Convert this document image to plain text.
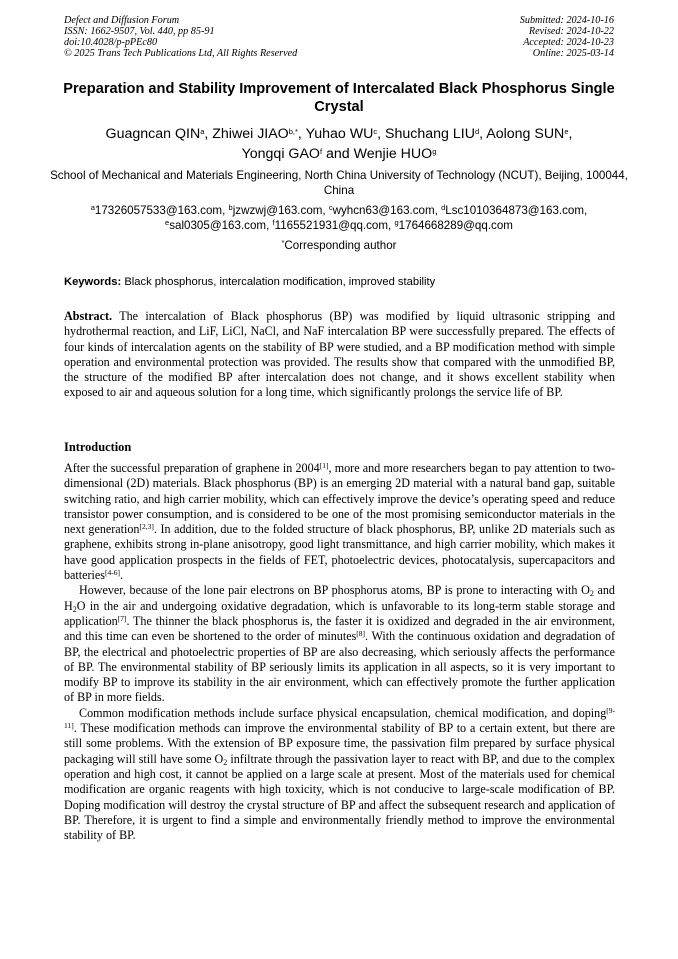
Defect and Diffusion Forum
ISSN: 1662-9507, Vol. 440, pp 85-91
doi:10.4028/p-pPEc80
© 2025 Trans Tech Publications Ltd, All Rights Reserved
Submitted: 2024-10-16
Revised: 2024-10-22
Accepted: 2024-10-23
Online: 2025-03-14
Preparation and Stability Improvement of Intercalated Black Phosphorus Single Crystal
Guagncan QIN$^a$, Zhiwei $JIAO^{b,*}$, Yuhao $WU^c$, Shuchang LIU$^d$, Aolong SUN$^e$,
Yongqi GAO$^f$ and Wenjie HUO$^g$
School of Mechanical and Materials Engineering, North China University of Technology (NCUT), Beijing, 100044, China
$^a$17326057533@163.com, $^b$jzwzwj@163.com, $^c$wyhcn63@163.com, $^d$Lsc1010364873@163.com,
$^e$sal0305@163.com, $^f$1165521931@qq.com, $^g$1764668289@qq.com
*Corresponding author
Keywords: Black phosphorus, intercalation modification, improved stability
Abstract. The intercalation of Black phosphorus (BP) was modified by liquid ultrasonic stripping and hydrothermal reaction, and LiF, LiCl, NaCl, and NaF intercalation BP were successfully prepared. The effects of four kinds of intercalation agents on the stability of BP were studied, and a BP modification method with simple operation and environmental protection was provided. The results show that compared with the unmodified BP, the structure of the modified BP after intercalation does not change, and it shows excellent stability when exposed to air and aqueous solution for a long time, which significantly prolongs the service life of BP.
Introduction

After the successful preparation of graphene in 2004[1], more and more researchers began to pay attention to two-dimensional (2D) materials. Black phosphorus (BP) is an emerging 2D material with a natural band gap, suitable switching ratio, and high carrier mobility, which can effectively improve the device’s operating speed and reduce transistor power consumption, and is considered to be one of the most promising semiconductor materials in the next generation[2,3]. In addition, due to the folded structure of black phosphorus, BP, unlike 2D materials such as graphene, exhibits strong in-plane anisotropy, good light transmittance, and high carrier mobility, which makes it have good application prospects in the fields of FET, photoelectric devices, photocatalysis, supercapacitors and batteries[4-6].

However, because of the lone pair electrons on BP phosphorus atoms, BP is prone to interacting with $O_2$ and $H_2O$ in the air and undergoing oxidative degradation, which is unfavorable to its long-term stable storage and application[7]. The thinner the black phosphorus is, the faster it is oxidized and degraded in the air environment, and this time can even be shortened to the order of minutes[8]. With the continuous oxidation and degradation of BP, the electrical and photoelectric properties of BP are also decreasing, which seriously affects the performance of BP. The environmental stability of BP seriously limits its application in all aspects, so it is very important to modify BP to improve its stability in the air environment, which can effectively promote the further application of BP in more fields.

Common modification methods include surface physical encapsulation, chemical modification, and doping[9-11]. These modification methods can improve the environmental stability of BP to a certain extent, but there are still some problems. With the extension of BP exposure time, the passivation film prepared by surface physical packaging will still have some $O_2$ infiltrate through the passivation layer to react with BP, and due to the complex operation and high cost, it cannot be applied on a large scale at present. Most of the materials used for chemical modification are organic reagents with high toxicity, which is not conducive to large-scale modification of BP. Doping modification will destroy the crystal structure of BP and affect the subsequent research and application of BP. Therefore, it is urgent to find a simple and environmentally friendly method to improve the environmental stability of BP.
